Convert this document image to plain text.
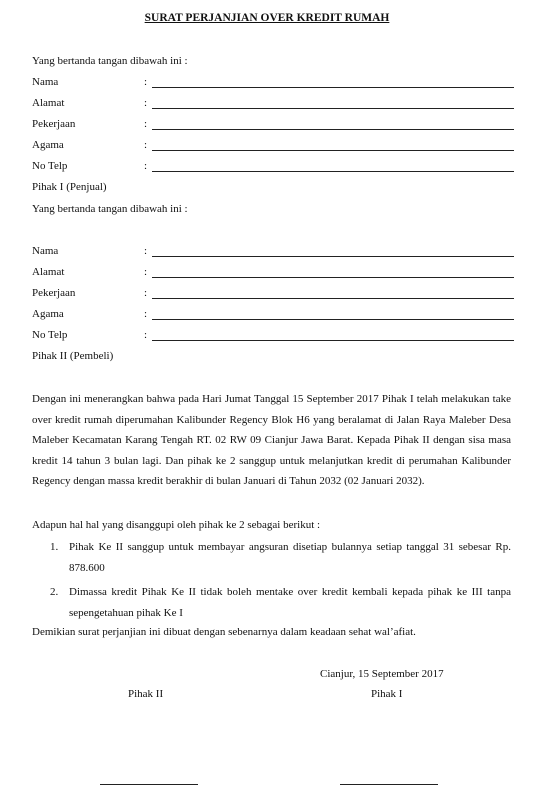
SURAT PERJANJIAN OVER KREDIT RUMAH
Yang bertanda tangan dibawah ini :
Nama	:
Alamat	:
Pekerjaan	:
Agama	:
No Telp	:
Pihak I (Penjual)
Yang bertanda tangan dibawah ini :
Nama	:
Alamat	:
Pekerjaan	:
Agama	:
No Telp	:
Pihak II (Pembeli)
Dengan ini menerangkan bahwa pada Hari Jumat Tanggal 15 September 2017 Pihak I telah melakukan take over kredit rumah diperumahan Kalibunder Regency Blok H6 yang beralamat di Jalan Raya Maleber Desa Maleber Kecamatan Karang Tengah RT. 02 RW 09 Cianjur Jawa Barat. Kepada Pihak II dengan sisa masa kredit 14 tahun 3 bulan lagi. Dan pihak ke 2 sanggup untuk melanjutkan kredit di perumahan Kalibunder Regency dengan massa kredit berakhir di bulan Januari di Tahun 2032 (02 Januari 2032).
Adapun hal hal yang disanggupi oleh pihak ke 2 sebagai berikut :
1. Pihak Ke II sanggup untuk membayar angsuran disetiap bulannya setiap tanggal 31 sebesar Rp. 878.600
2. Dimassa kredit Pihak Ke II tidak boleh mentake over kredit kembali kepada pihak ke III tanpa sepengetahuan pihak Ke I
Demikian surat perjanjian ini dibuat dengan sebenarnya dalam keadaan sehat wal’afiat.
Cianjur, 15 September 2017
Pihak II	Pihak I
